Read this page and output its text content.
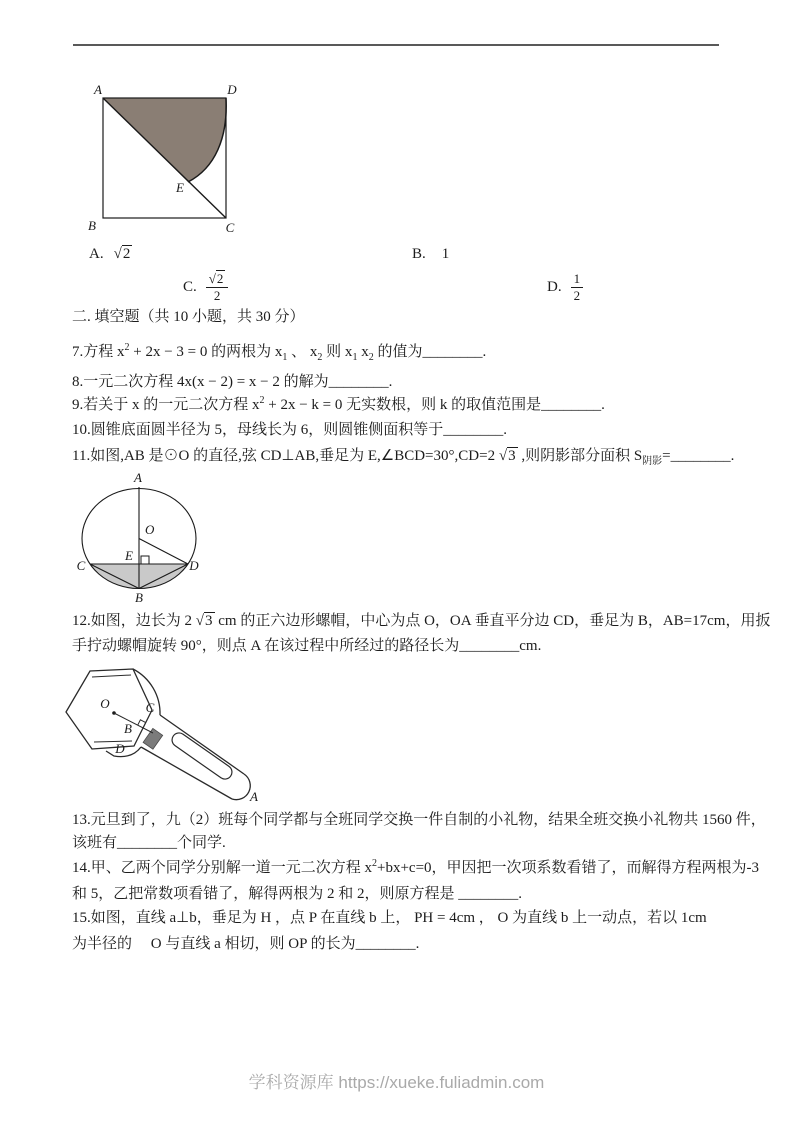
A	D
B	C
E
A. √2	B. 1
C. $\frac{√2}{2}$	D. $\frac{1}{2}$
二. 填空题（共 10 小题，共 30 分）
7.方程 $x^2 + 2x - 3 = 0$ 的两根为 $x_1$ 、 $x_2$ 则 $x_1$ $x_2$ 的值为________.
8.一元二次方程 4x(x − 2) = x − 2 的解为________.
9.若关于 x 的一元二次方程 $x^2 + 2x - k = 0$ 无实数根，则 k 的取值范围是________.
10.圆锥底面圆半径为 5，母线长为 6，则圆锥侧面积等于________.
11.如图,AB 是⊙O 的直径,弦 CD⊥AB,垂足为 E,∠BCD=30°,CD=2 √3 ,则阴影部分面积 $S_{阴影}=\_\_\_\_\_\_\_\_$.
A
O
E
C	D
B
12.如图，边长为 2 √3 cm 的正六边形螺帽，中心为点 O，OA 垂直平分边 CD，垂足为 B，AB=17cm，用扳
手拧动螺帽旋转 90°，则点 A 在该过程中所经过的路径长为________cm.
O	C
B
D
A
13.元旦到了，九（2）班每个同学都与全班同学交换一件自制的小礼物，结果全班交换小礼物共 1560 件，
该班有________个同学.
14.甲、乙两个同学分别解一道一元二次方程 $x^2+bx+c=0$，甲因把一次项系数看错了，而解得方程两根为-3
和 5，乙把常数项看错了，解得两根为 2 和 2，则原方程是 ________.
15.如图，直线 a⊥b，垂足为 H ，点 P 在直线 b 上， PH = 4cm ， O 为直线 b 上一动点，若以 1cm
为半径的　 O 与直线 a 相切，则 OP 的长为________.
学科资源库 https://xueke.fuliadmin.com
